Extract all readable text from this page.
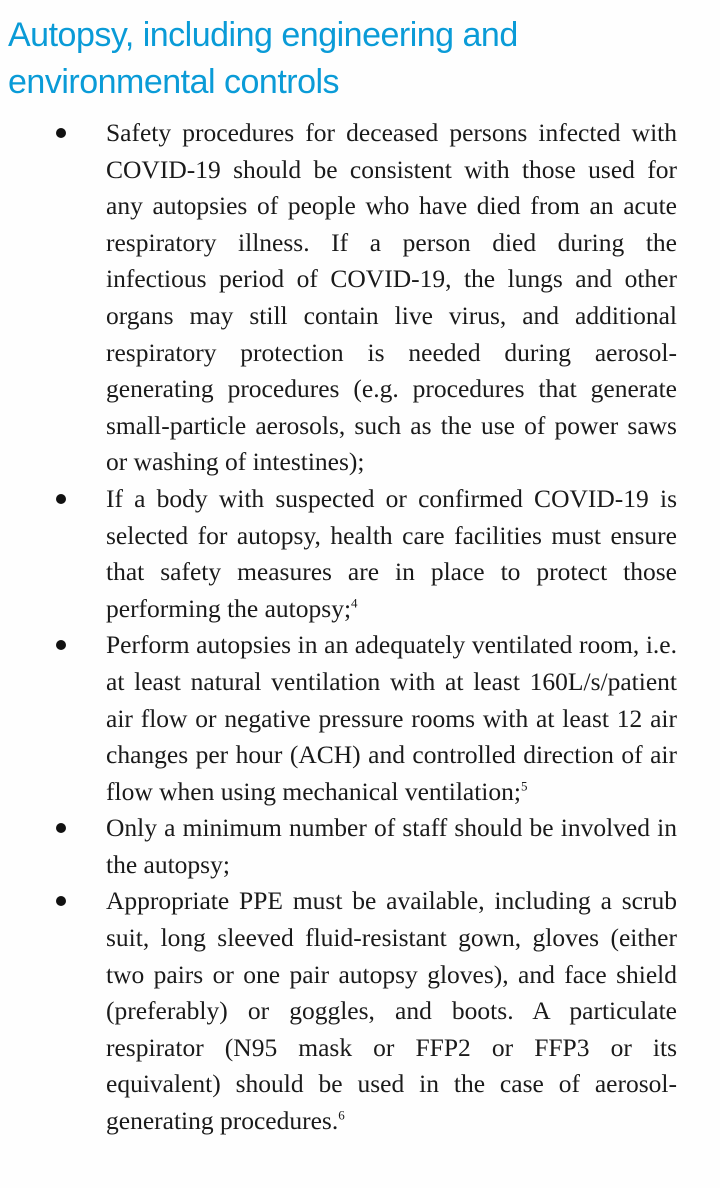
Autopsy, including engineering and
environmental controls
Safety procedures for deceased persons infected with COVID-19 should be consistent with those used for any autopsies of people who have died from an acute respiratory illness. If a person died during the infectious period of COVID-19, the lungs and other organs may still contain live virus, and additional respiratory protection is needed during aerosol-generating procedures (e.g. procedures that generate small-particle aerosols, such as the use of power saws or washing of intestines);
If a body with suspected or confirmed COVID-19 is selected for autopsy, health care facilities must ensure that safety measures are in place to protect those performing the autopsy;$^4$
Perform autopsies in an adequately ventilated room, i.e. at least natural ventilation with at least 160L/s/patient air flow or negative pressure rooms with at least 12 air changes per hour (ACH) and controlled direction of air flow when using mechanical ventilation;$^5$
Only a minimum number of staff should be involved in the autopsy;
Appropriate PPE must be available, including a scrub suit, long sleeved fluid-resistant gown, gloves (either two pairs or one pair autopsy gloves), and face shield (preferably) or goggles, and boots. A particulate respirator (N95 mask or FFP2 or FFP3 or its equivalent) should be used in the case of aerosol-generating procedures.$^6$
